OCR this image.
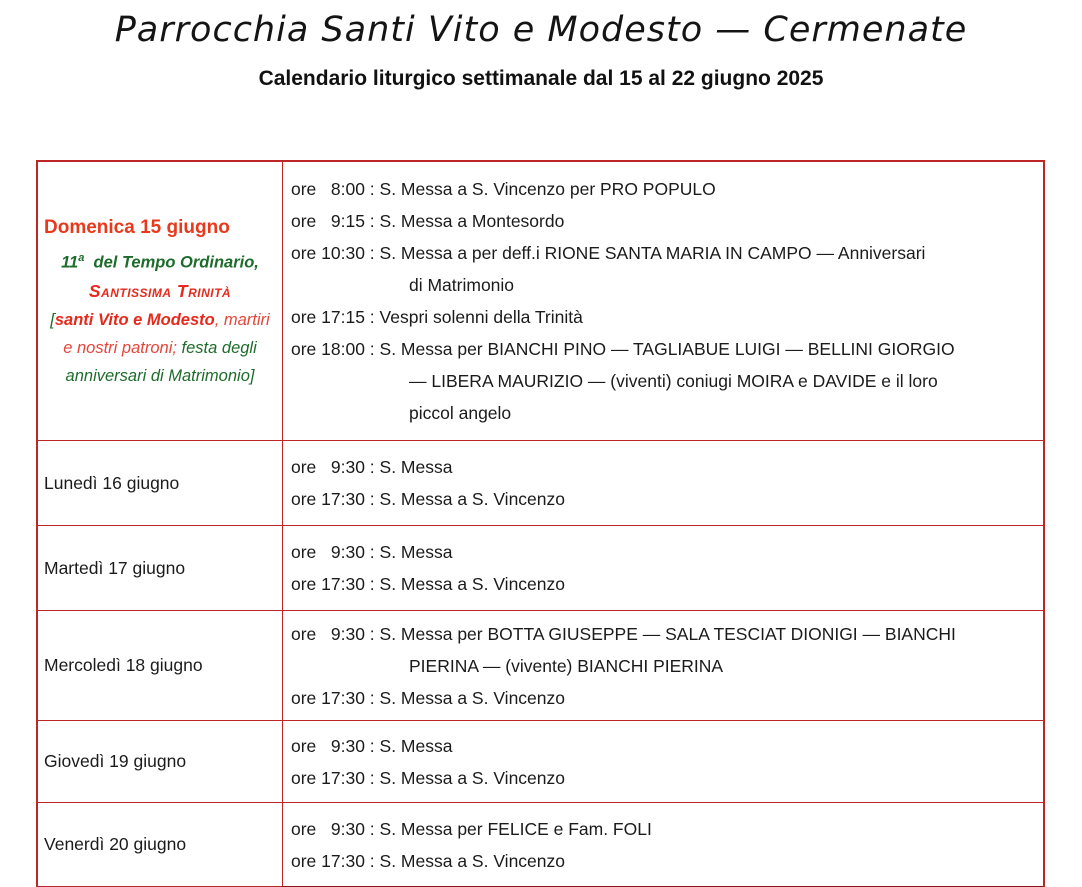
Parrocchia Santi Vito e Modesto — Cermenate
Calendario liturgico settimanale dal 15 al 22 giugno 2025
Domenica 15 giugno
11$^a$  del Tempo Ordinario,
Santissima Trinità
[santi Vito e Modesto, martiri
e nostri patroni; festa degli
anniversari di Matrimonio]
ore   8:00 : S. Messa a S. Vincenzo per PRO POPULO
ore   9:15 : S. Messa a Montesordo
ore 10:30 : S. Messa a per deff.i RIONE SANTA MARIA IN CAMPO — Anniversari
di Matrimonio
ore 17:15 : Vespri solenni della Trinità
ore 18:00 : S. Messa per BIANCHI PINO — TAGLIABUE LUIGI — BELLINI GIORGIO
— LIBERA MAURIZIO — (viventi) coniugi MOIRA e DAVIDE e il loro
piccol angelo
Lunedì 16 giugno
ore   9:30 : S. Messa
ore 17:30 : S. Messa a S. Vincenzo
Martedì 17 giugno
ore   9:30 : S. Messa
ore 17:30 : S. Messa a S. Vincenzo
Mercoledì 18 giugno
ore   9:30 : S. Messa per BOTTA GIUSEPPE — SALA TESCIAT DIONIGI — BIANCHI
PIERINA — (vivente) BIANCHI PIERINA
ore 17:30 : S. Messa a S. Vincenzo
Giovedì 19 giugno
ore   9:30 : S. Messa
ore 17:30 : S. Messa a S. Vincenzo
Venerdì 20 giugno
ore   9:30 : S. Messa per FELICE e Fam. FOLI
ore 17:30 : S. Messa a S. Vincenzo
